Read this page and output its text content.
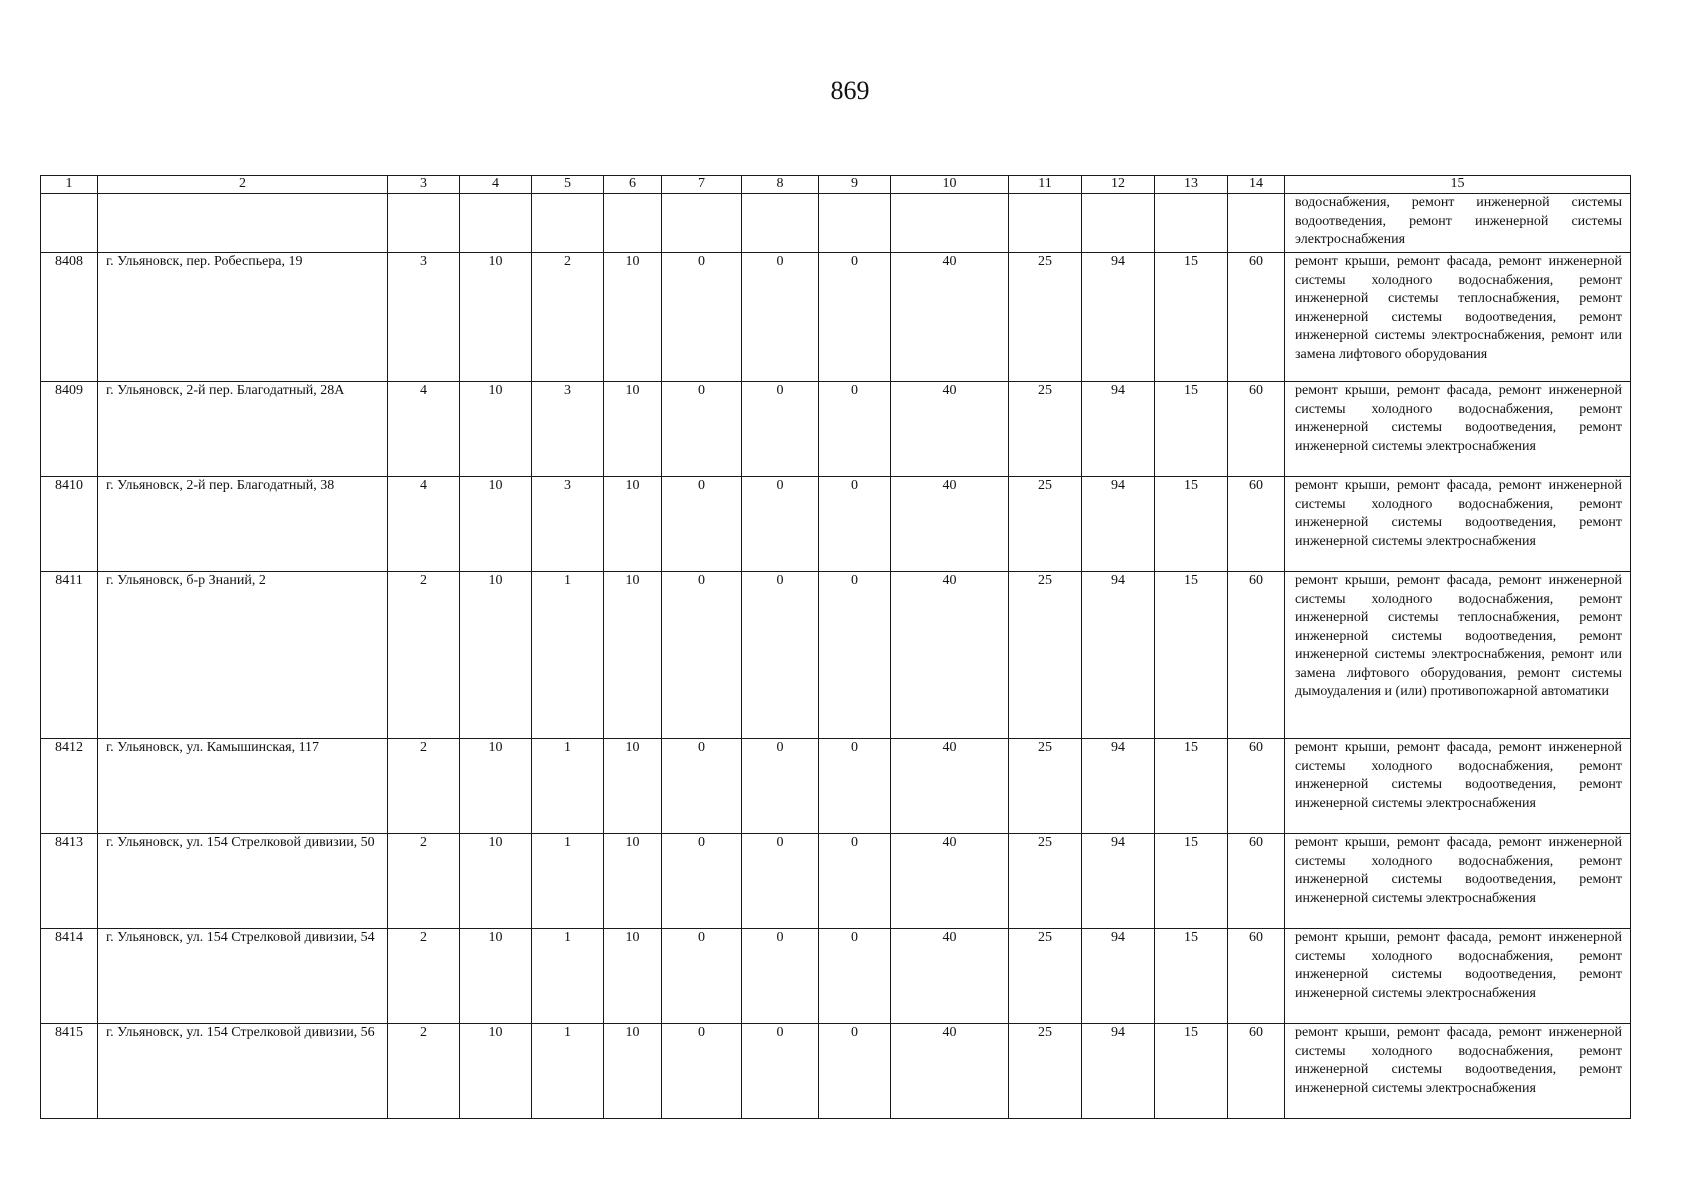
869
1	2	3	4	5	6	7	8	9	10	11	12	13	14	15
														водоснабжения, ремонт инженерной системы водоотведения, ремонт инженерной системы электроснабжения
8408	г. Ульяновск, пер. Робеспьера, 19	3	10	2	10	0	0	0	40	25	94	15	60	ремонт крыши, ремонт фасада, ремонт инженерной системы холодного водоснабжения, ремонт инженерной системы теплоснабжения, ремонт инженерной системы водоотведения, ремонт инженерной системы электроснабжения, ремонт или замена лифтового оборудования
8409	г. Ульяновск, 2-й пер. Благодатный, 28А	4	10	3	10	0	0	0	40	25	94	15	60	ремонт крыши, ремонт фасада, ремонт инженерной системы холодного водоснабжения, ремонт инженерной системы водоотведения, ремонт инженерной системы электроснабжения
8410	г. Ульяновск, 2-й пер. Благодатный, 38	4	10	3	10	0	0	0	40	25	94	15	60	ремонт крыши, ремонт фасада, ремонт инженерной системы холодного водоснабжения, ремонт инженерной системы водоотведения, ремонт инженерной системы электроснабжения
8411	г. Ульяновск, б-р Знаний, 2	2	10	1	10	0	0	0	40	25	94	15	60	ремонт крыши, ремонт фасада, ремонт инженерной системы холодного водоснабжения, ремонт инженерной системы теплоснабжения, ремонт инженерной системы водоотведения, ремонт инженерной системы электроснабжения, ремонт или замена лифтового оборудования, ремонт системы дымоудаления и (или) противопожарной автоматики
8412	г. Ульяновск, ул. Камышинская, 117	2	10	1	10	0	0	0	40	25	94	15	60	ремонт крыши, ремонт фасада, ремонт инженерной системы холодного водоснабжения, ремонт инженерной системы водоотведения, ремонт инженерной системы электроснабжения
8413	г. Ульяновск, ул. 154 Стрелковой дивизии, 50	2	10	1	10	0	0	0	40	25	94	15	60	ремонт крыши, ремонт фасада, ремонт инженерной системы холодного водоснабжения, ремонт инженерной системы водоотведения, ремонт инженерной системы электроснабжения
8414	г. Ульяновск, ул. 154 Стрелковой дивизии, 54	2	10	1	10	0	0	0	40	25	94	15	60	ремонт крыши, ремонт фасада, ремонт инженерной системы холодного водоснабжения, ремонт инженерной системы водоотведения, ремонт инженерной системы электроснабжения
8415	г. Ульяновск, ул. 154 Стрелковой дивизии, 56	2	10	1	10	0	0	0	40	25	94	15	60	ремонт крыши, ремонт фасада, ремонт инженерной системы холодного водоснабжения, ремонт инженерной системы водоотведения, ремонт инженерной системы электроснабжения
